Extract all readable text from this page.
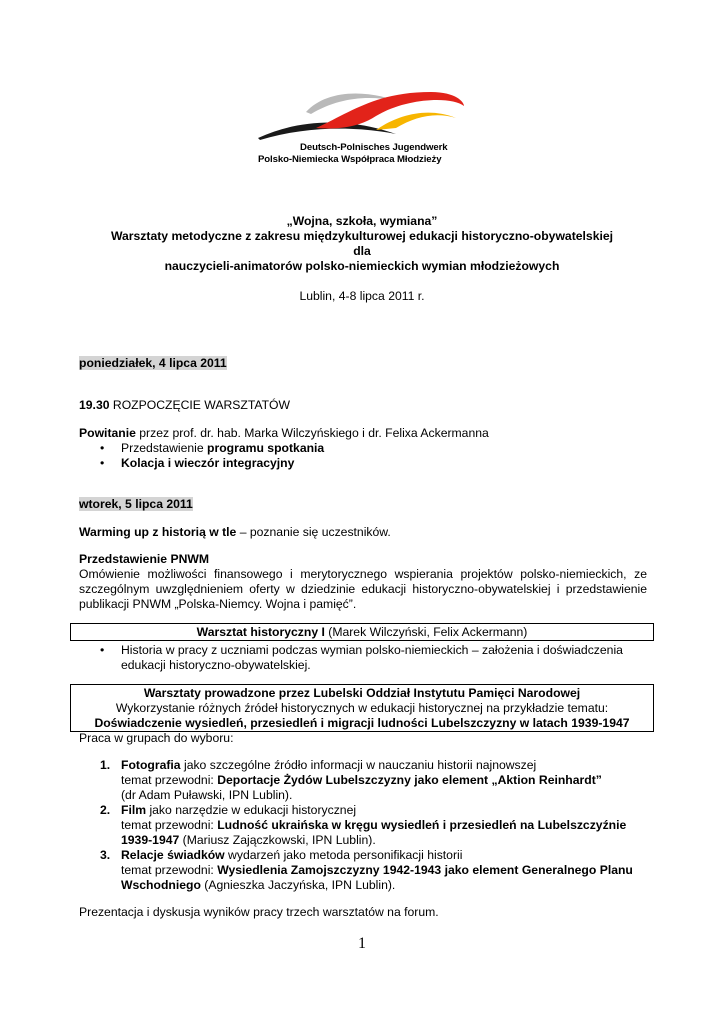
Deutsch-Polnisches Jugendwerk
Polsko-Niemiecka Współpraca Młodzieży
„Wojna, szkoła, wymiana”
Warsztaty metodyczne z zakresu międzykulturowej edukacji historyczno-obywatelskiej
dla
nauczycieli-animatorów polsko-niemieckich wymian młodzieżowych
Lublin, 4-8 lipca 2011 r.
poniedziałek, 4 lipca 2011
19.30 ROZPOCZĘCIE WARSZTATÓW
Powitanie przez prof. dr. hab. Marka Wilczyńskiego i dr. Felixa Ackermanna
• Przedstawienie programu spotkania
• Kolacja i wieczór integracyjny
wtorek, 5 lipca 2011
Warming up z historią w tle – poznanie się uczestników.
Przedstawienie PNWM
Omówienie możliwości finansowego i merytorycznego wspierania projektów polsko-niemieckich, ze szczególnym uwzględnieniem oferty w dziedzinie edukacji historyczno-obywatelskiej i przedstawienie publikacji PNWM „Polska-Niemcy. Wojna i pamięć”.
Warsztat historyczny I (Marek Wilczyński, Felix Ackermann)
• Historia w pracy z uczniami podczas wymian polsko-niemieckich – założenia i doświadczenia
edukacji historyczno-obywatelskiej.
Warsztaty prowadzone przez Lubelski Oddział Instytutu Pamięci Narodowej
Wykorzystanie różnych źródeł historycznych w edukacji historycznej na przykładzie tematu:
Doświadczenie wysiedleń, przesiedleń i migracji ludności Lubelszczyzny w latach 1939-1947
Praca w grupach do wyboru:
1. Fotografia jako szczególne źródło informacji w nauczaniu historii najnowszej
temat przewodni: Deportacje Żydów Lubelszczyzny jako element „Aktion Reinhardt”
(dr Adam Puławski, IPN Lublin).
2. Film jako narzędzie w edukacji historycznej
temat przewodni: Ludność ukraińska w kręgu wysiedleń i przesiedleń na Lubelszczyźnie
1939-1947 (Mariusz Zajączkowski, IPN Lublin).
3. Relacje świadków wydarzeń jako metoda personifikacji historii
temat przewodni: Wysiedlenia Zamojszczyzny 1942-1943 jako element Generalnego Planu
Wschodniego (Agnieszka Jaczyńska, IPN Lublin).
Prezentacja i dyskusja wyników pracy trzech warsztatów na forum.
1
